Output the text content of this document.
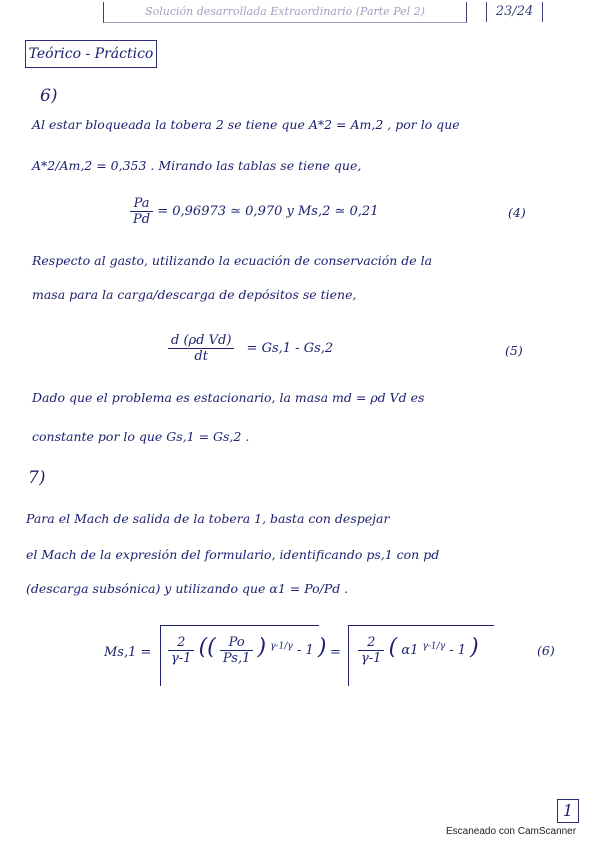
Solución desarrollada Extraordinario (Parte Pel 2)	23/24
Teórico - Práctico
6)
Al estar bloqueada la tobera 2 se tiene que A*2 = Am,2 , por lo que
A*2/Am,2 = 0,353 . Mirando las tablas se tiene que,
$\frac{Pa}{Pd} = 0,96973$ ≃ 0,970 y Ms,2 ≃ 0,21	(4)
Respecto al gasto, utilizando la ecuación de conservación de la
masa para la carga/descarga de depósitos se tiene,
$\frac{\text{d (ρd Vd)}}{dt} = Gs,1 - Gs,2$	(5)
Dado que el problema es estacionario, la masa md = ρd Vd es
constante por lo que Gs,1 = Gs,2 .
7)
Para el Mach de salida de la tobera 1, basta con despejar
el Mach de la expresión del formulario, identificando ps,1 con pd
(descarga subsónica) y utilizando que α1 = Po/Pd .
$Ms,1 = \frac{2}{\gamma-1}$ (( $\frac{Po}{Ps,1}$ ) $^{\gamma-1/\gamma}$ - 1 ) = $\frac{2}{\gamma-1}$ ( α1 $^{\gamma-1/\gamma}$ - 1 )	(6)
1
Escaneado con CamScanner
